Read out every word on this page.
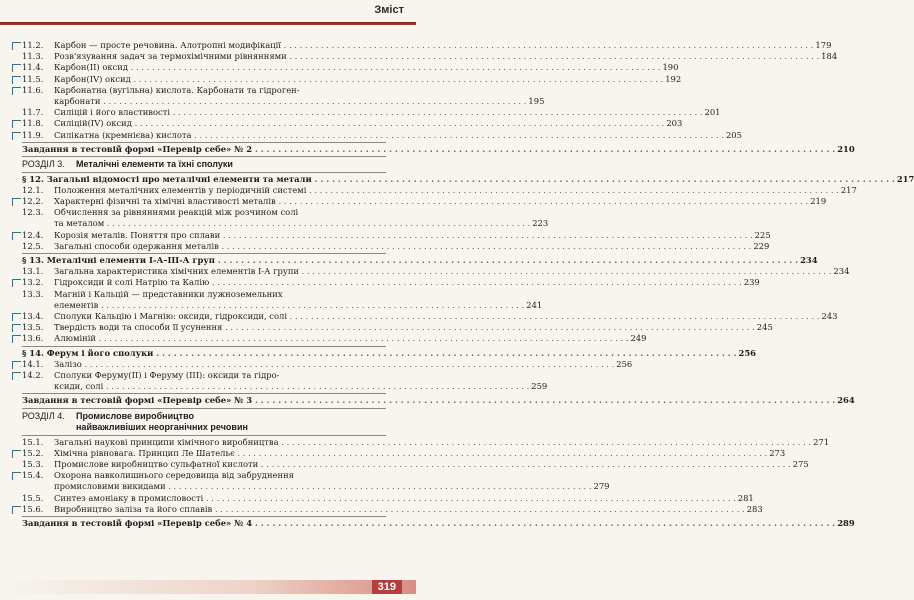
Зміст
11.2.	Карбон — просте речовина. Алотропні модифікації . . .	179
11.3.	Розв'язування задач за термохімічними рівняннями . . .	184
11.4.	Карбон(ІІ) оксид . . .	190
11.5.	Карбон(ІV) оксид . . .	192
11.6.	Карбонатна (вугільна) кислота. Карбонати та гідроген-
карбонати . . .	195
11.7.	Силіцій і його властивості . . .	201
11.8.	Силіцій(ІV) оксид . . .	203
11.9.	Силікатна (кремнієва) кислота . . .	205
Завдання в тестовій формі «Перевір себе» № 2 . . .	210
РОЗДІЛ 3.	Металічні елементи та їхні сполуки
§ 12. Загальні відомості про металічні елементи та метали . . .	217
12.1.	Положення металічних елементів у періодичній системі . . .	217
12.2.	Характерні фізичні та хімічні властивості металів . . .	219
12.3.	Обчислення за рівняннями реакцій між розчином солі
та металом . . .	223
12.4.	Корозія металів. Поняття про сплави . . .	225
12.5.	Загальні способи одержання металів . . .	229
§ 13. Металічні елементи І-А–ІІІ-А груп . . .	234
13.1.	Загальна характеристика хімічних елементів І-А групи . . .	234
13.2.	Гідроксиди й солі Натрію та Калію . . .	239
13.3.	Магній і Кальцій — представники лужноземельних
елементів . . .	241
13.4.	Сполуки Кальцію і Магнію: оксиди, гідроксиди, солі . . .	243
13.5.	Твердість води та способи її усунення . . .	245
13.6.	Алюміній . . .	249
§ 14. Ферум і його сполуки . . .	256
14.1.	Залізо . . .	256
14.2.	Сполуки Феруму(ІІ) і Феруму (ІІІ): оксиди та гідро-
ксиди, солі . . .	259
Завдання в тестовій формі «Перевір себе» № 3 . . .	264
РОЗДІЛ 4.	Промислове виробництво
найважливіших неорганічних речовин
15.1.	Загальні наукові принципи хімічного виробництва . . .	271
15.2.	Хімічна рівновага. Принцип Ле Шательє . . .	273
15.3.	Промислове виробництво сульфатної кислоти . . .	275
15.4.	Охорона навколишнього середовища від забруднення
промисловими викидами . . .	279
15.5.	Синтез амоніаку в промисловості . . .	281
15.6.	Виробництво заліза та його сплавів . . .	283
Завдання в тестовій формі «Перевір себе» № 4 . . .	289
319
